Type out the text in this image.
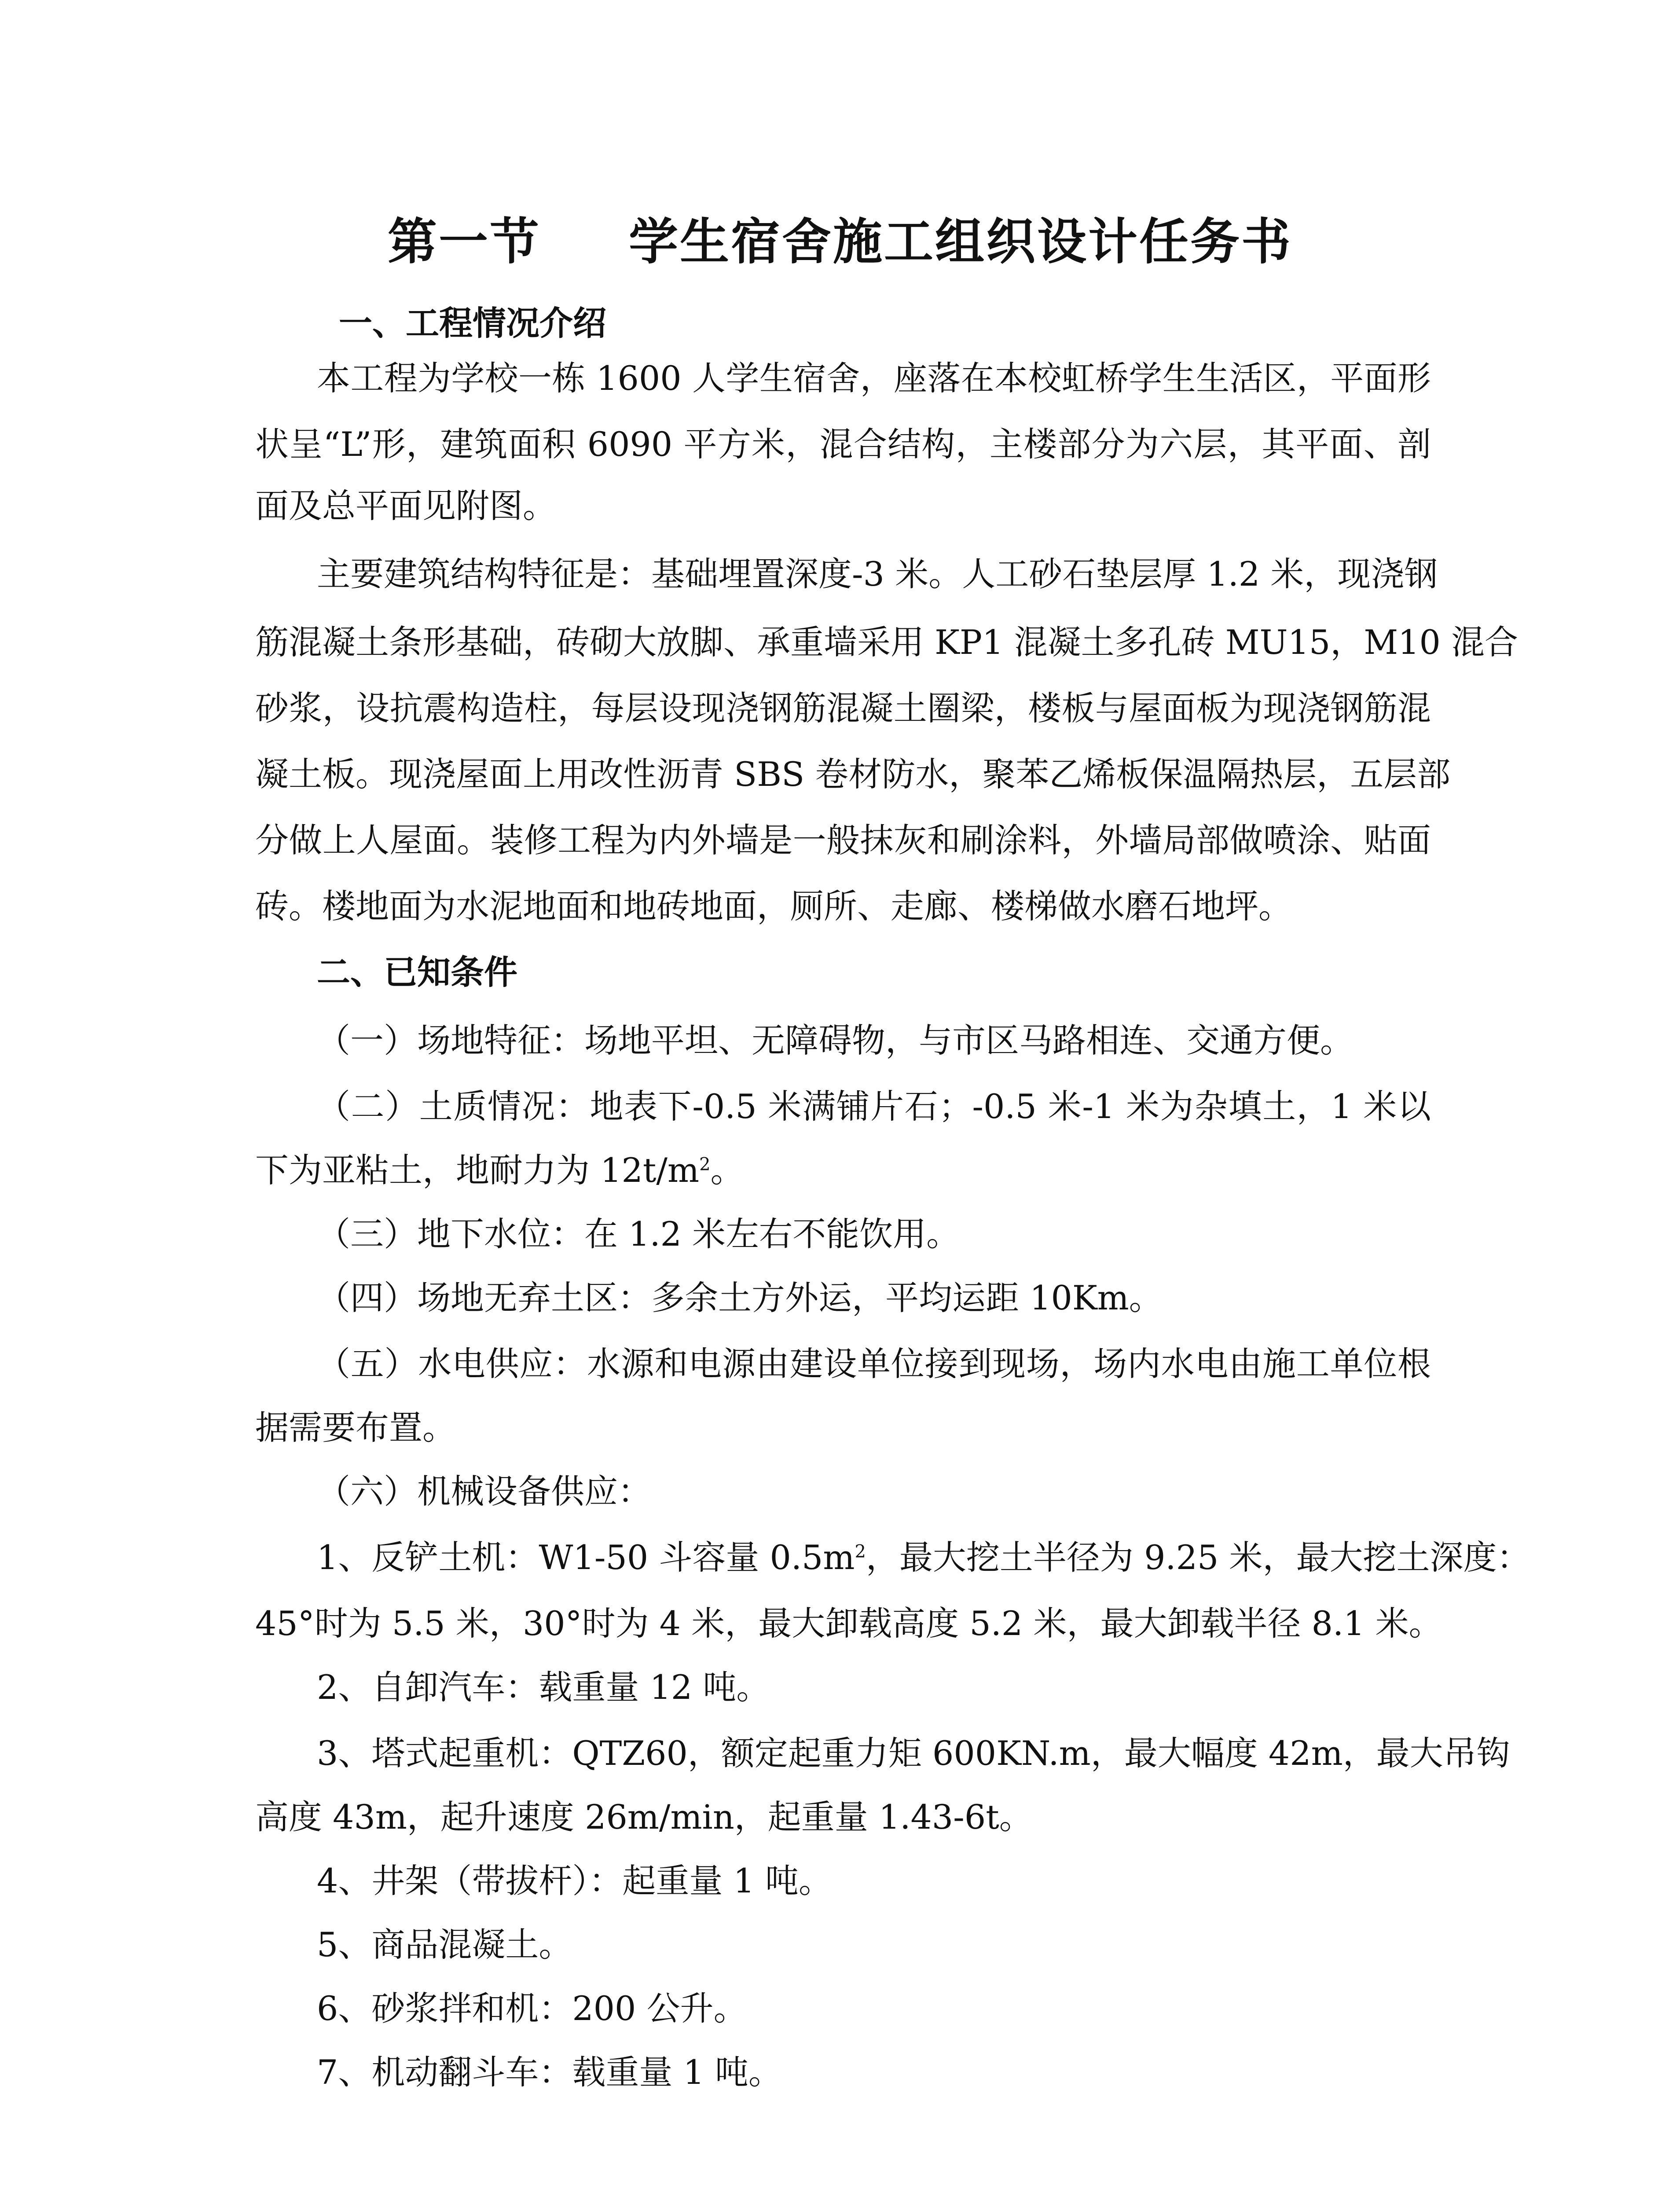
第一节 学生宿舍施工组织设计任务书
一、工程情况介绍
本工程为学校一栋 1600 人学生宿舍，座落在本校虹桥学生生活区，平面形
状呈“L”形，建筑面积 6090 平方米，混合结构，主楼部分为六层，其平面、剖
面及总平面见附图。
主要建筑结构特征是：基础埋置深度-3 米。人工砂石垫层厚 1.2 米，现浇钢
筋混凝土条形基础，砖砌大放脚、承重墙采用 KP1 混凝土多孔砖 MU15，M10 混合
砂浆，设抗震构造柱，每层设现浇钢筋混凝土圈梁，楼板与屋面板为现浇钢筋混
凝土板。现浇屋面上用改性沥青 SBS 卷材防水，聚苯乙烯板保温隔热层，五层部
分做上人屋面。装修工程为内外墙是一般抹灰和刷涂料，外墙局部做喷涂、贴面
砖。楼地面为水泥地面和地砖地面，厕所、走廊、楼梯做水磨石地坪。
二、已知条件
（一）场地特征：场地平坦、无障碍物，与市区马路相连、交通方便。
（二）土质情况：地表下-0.5 米满铺片石；-0.5 米-1 米为杂填土，1 米以
下为亚粘土，地耐力为 $12t/m^2$。
（三）地下水位：在 1.2 米左右不能饮用。
（四）场地无弃土区：多余土方外运，平均运距 10Km。
（五）水电供应：水源和电源由建设单位接到现场，场内水电由施工单位根
据需要布置。
（六）机械设备供应：
1、反铲土机：W1-50 斗容量 $0.5m^2$，最大挖土半径为 9.25 米，最大挖土深度：
45°时为 5.5 米，30°时为 4 米，最大卸载高度 5.2 米，最大卸载半径 8.1 米。
2、自卸汽车：载重量 12 吨。
3、塔式起重机：QTZ60，额定起重力矩 600KN.m，最大幅度 42m，最大吊钩
高度 43m，起升速度 26m/min，起重量 1.43-6t。
4、井架（带拔杆）：起重量 1 吨。
5、商品混凝土。
6、砂浆拌和机：200 公升。
7、机动翻斗车：载重量 1 吨。
